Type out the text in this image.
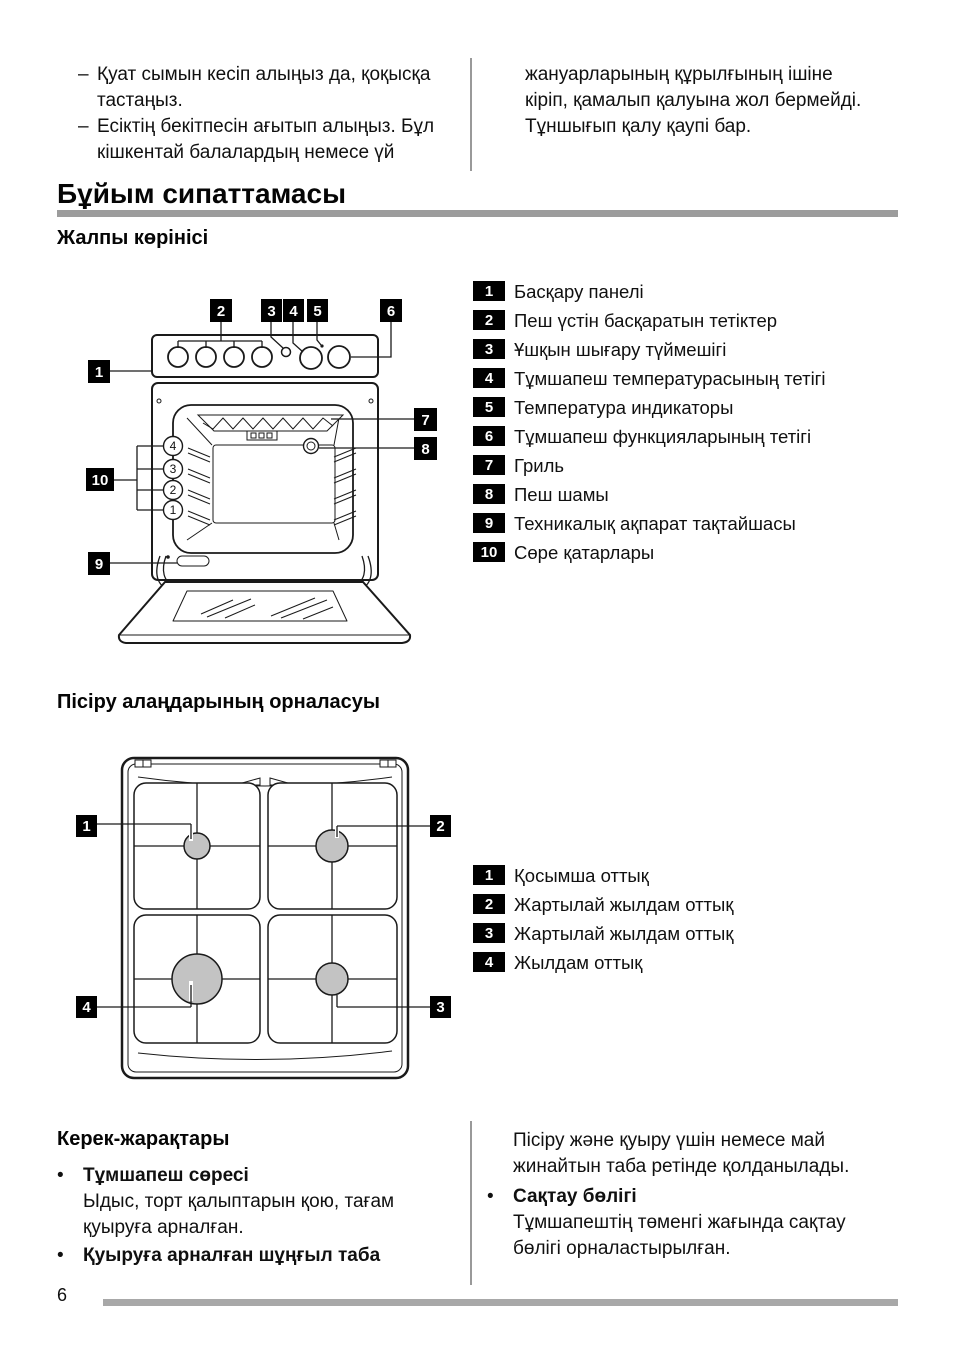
–
Қуат сымын кесіп алыңыз да, қоқысқа
тастаңыз.
–
Есіктің бекітпесін ағытып алыңыз. Бұл
кішкентай балалардың немесе үй
жануарларының құрылғының ішіне
кіріп, қамалып қалуына жол бермейді.
Тұншығып қалу қаупі бар.
Бұйым сипаттамасы
Жалпы көрінісі
4
3
2
1
1
2	3 4 5	6
7
8
9
10
1	Басқару панелі
2	Пеш үстін басқаратын тетіктер
3	Ұшқын шығару түймешігі
4	Тұмшапеш температурасының тетігі
5	Температура индикаторы
6	Тұмшапеш функцияларының тетігі
7	Гриль
8	Пеш шамы
9	Техникалық ақпарат тақтайшасы
10 Сөре қатарлары
Пісіру алаңдарының орналасуы
1	2
3
4
1	Қосымша оттық
2	Жартылай жылдам оттық
3	Жартылай жылдам оттық
4	Жылдам оттық
Керек-жарақтары
•
Тұмшапеш сөресі
Ыдыс, торт қалыптарын қою, тағам
қуыруға арналған.
•
Қуыруға арналған шұңғыл таба
Пісіру және қуыру үшін немесе май
жинайтын таба ретінде қолданылады.
•
Сақтау бөлігі
Тұмшапештің төменгі жағында сақтау
бөлігі орналастырылған.
6
